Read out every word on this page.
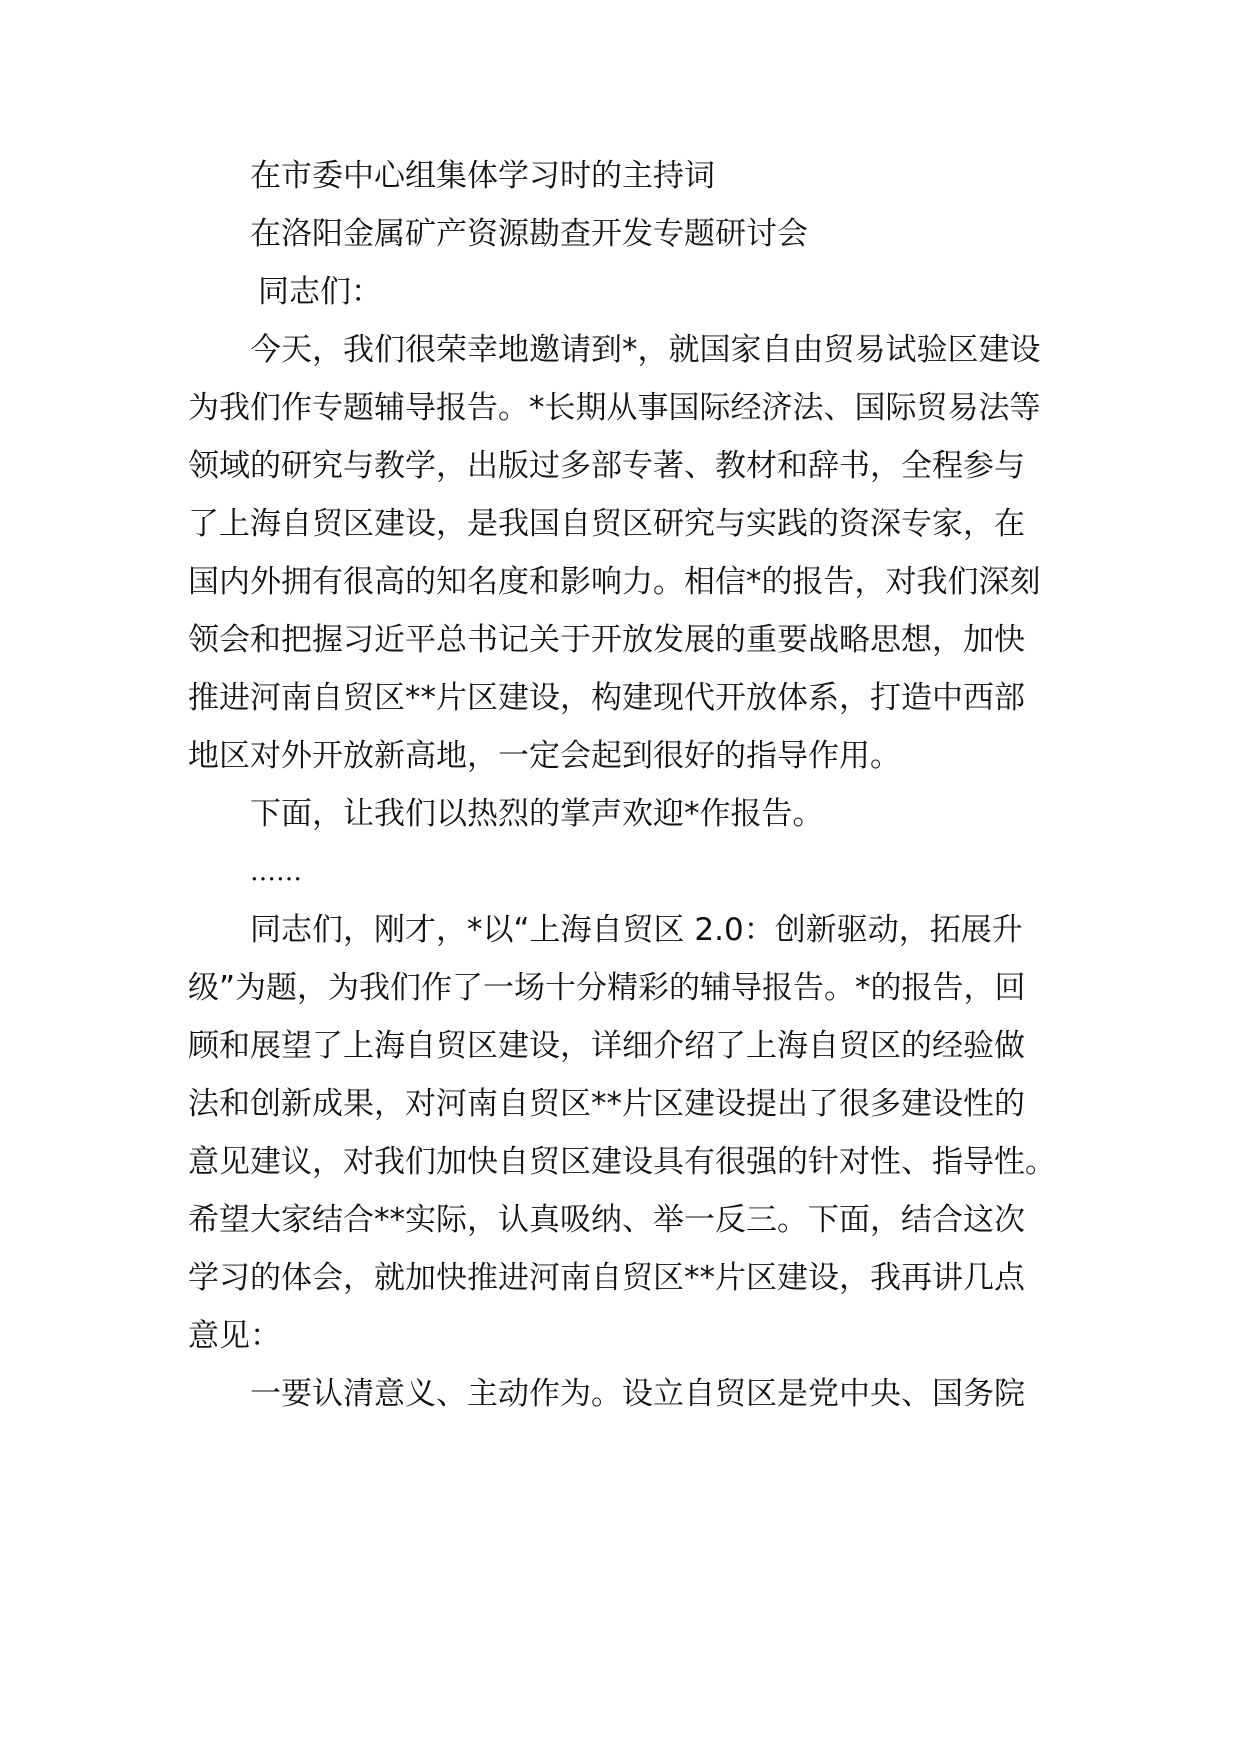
在市委中心组集体学习时的主持词
在洛阳金属矿产资源勘查开发专题研讨会
同志们：
今天，我们很荣幸地邀请到*，就国家自由贸易试验区建设
为我们作专题辅导报告。*长期从事国际经济法、国际贸易法等
领域的研究与教学，出版过多部专著、教材和辞书，全程参与
了上海自贸区建设，是我国自贸区研究与实践的资深专家，在
国内外拥有很高的知名度和影响力。相信*的报告，对我们深刻
领会和把握习近平总书记关于开放发展的重要战略思想，加快
推进河南自贸区**片区建设，构建现代开放体系，打造中西部
地区对外开放新高地，一定会起到很好的指导作用。
下面，让我们以热烈的掌声欢迎*作报告。
……
同志们，刚才，*以“上海自贸区 2.0：创新驱动，拓展升
级”为题，为我们作了一场十分精彩的辅导报告。*的报告，回
顾和展望了上海自贸区建设，详细介绍了上海自贸区的经验做
法和创新成果，对河南自贸区**片区建设提出了很多建设性的
意见建议，对我们加快自贸区建设具有很强的针对性、指导性。
希望大家结合**实际，认真吸纳、举一反三。下面，结合这次
学习的体会，就加快推进河南自贸区**片区建设，我再讲几点
意见：
一要认清意义、主动作为。设立自贸区是党中央、国务院
